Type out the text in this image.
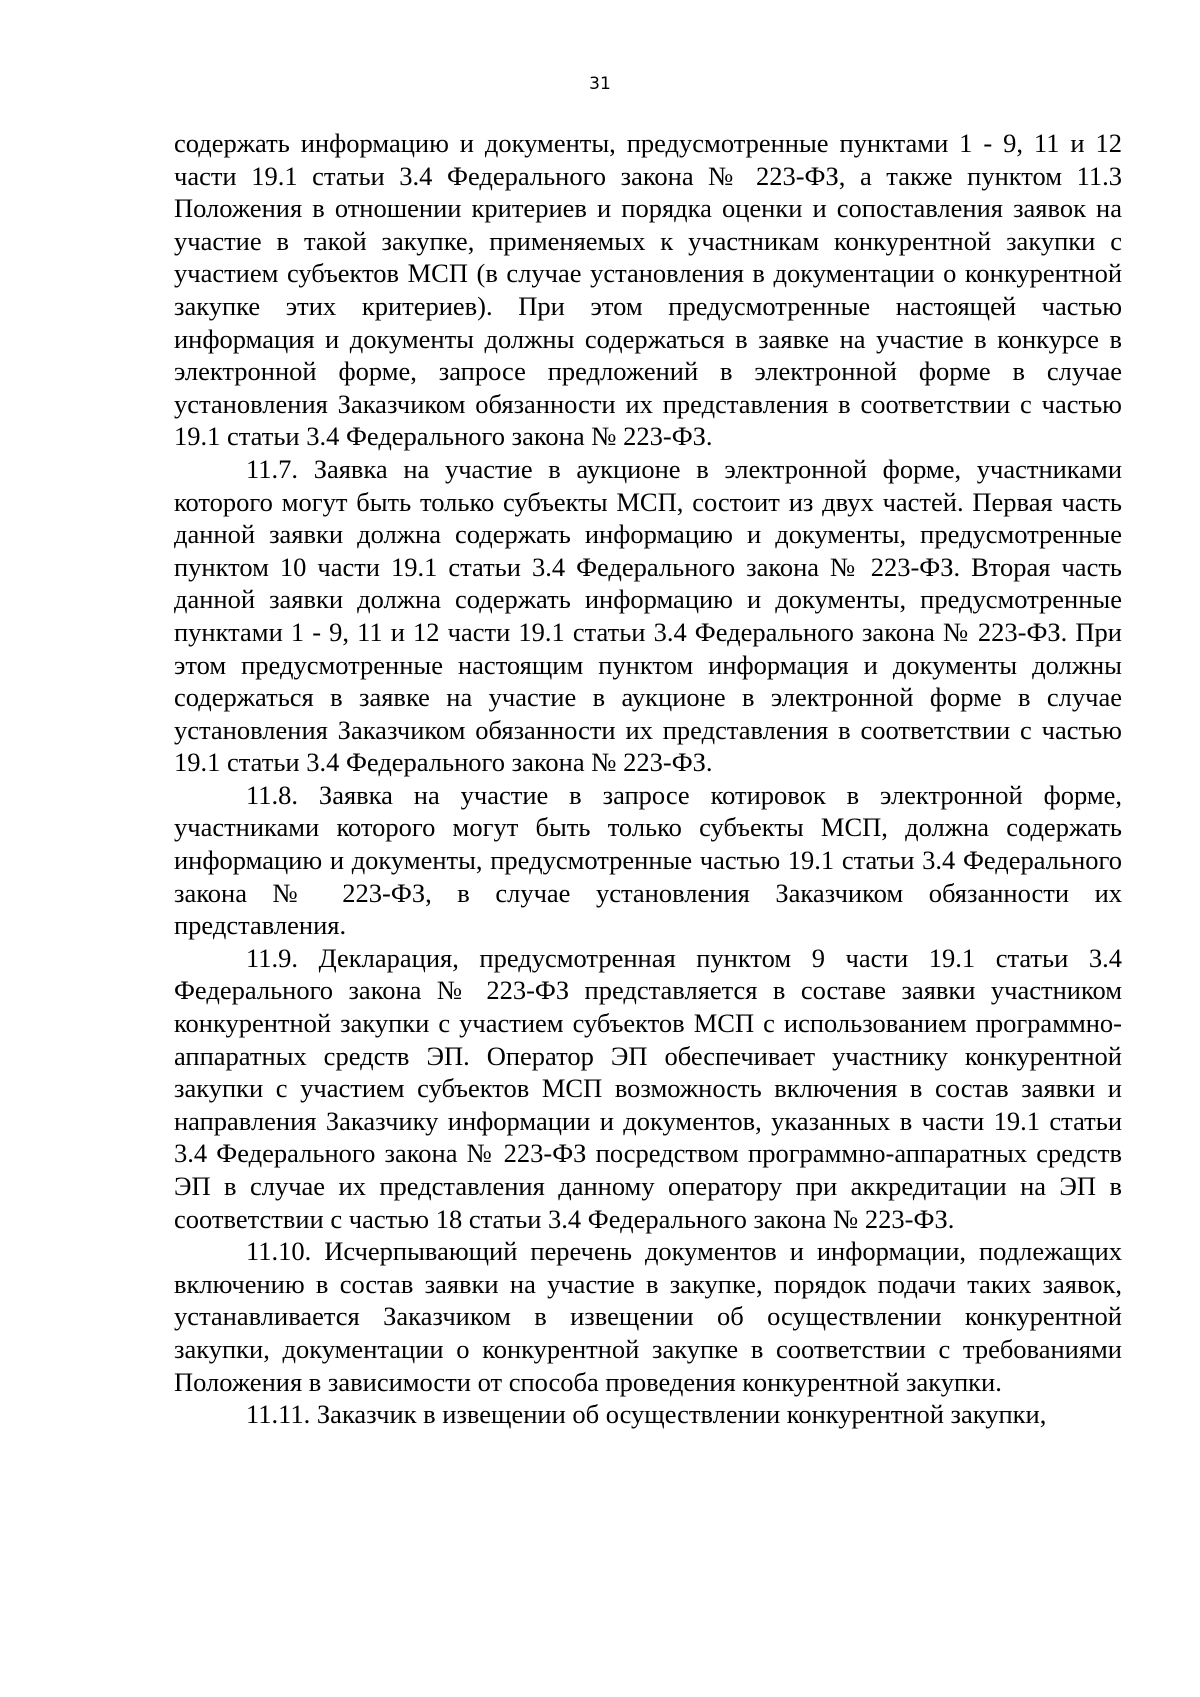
31

содержать информацию и документы, предусмотренные пунктами 1 - 9, 11 и 12 части 19.1 статьи 3.4 Федерального закона № 223-ФЗ, а также пунктом 11.3 Положения в отношении критериев и порядка оценки и сопоставления заявок на участие в такой закупке, применяемых к участникам конкурентной закупки с участием субъектов МСП (в случае установления в документации о конкурентной закупке этих критериев). При этом предусмотренные настоящей частью информация и документы должны содержаться в заявке на участие в конкурсе в электронной форме, запросе предложений в электронной форме в случае установления Заказчиком обязанности их представления в соответствии с частью 19.1 статьи 3.4 Федерального закона № 223-ФЗ.

11.7. Заявка на участие в аукционе в электронной форме, участниками которого могут быть только субъекты МСП, состоит из двух частей. Первая часть данной заявки должна содержать информацию и документы, предусмотренные пунктом 10 части 19.1 статьи 3.4 Федерального закона № 223-ФЗ. Вторая часть данной заявки должна содержать информацию и документы, предусмотренные пунктами 1 - 9, 11 и 12 части 19.1 статьи 3.4 Федерального закона № 223-ФЗ. При этом предусмотренные настоящим пунктом информация и документы должны содержаться в заявке на участие в аукционе в электронной форме в случае установления Заказчиком обязанности их представления в соответствии с частью 19.1 статьи 3.4 Федерального закона № 223-ФЗ.

11.8. Заявка на участие в запросе котировок в электронной форме, участниками которого могут быть только субъекты МСП, должна содержать информацию и документы, предусмотренные частью 19.1 статьи 3.4 Федерального закона № 223-ФЗ, в случае установления Заказчиком обязанности их представления.

11.9. Декларация, предусмотренная пунктом 9 части 19.1 статьи 3.4 Федерального закона № 223-ФЗ представляется в составе заявки участником конкурентной закупки с участием субъектов МСП с использованием программно-аппаратных средств ЭП. Оператор ЭП обеспечивает участнику конкурентной закупки с участием субъектов МСП возможность включения в состав заявки и направления Заказчику информации и документов, указанных в части 19.1 статьи 3.4 Федерального закона № 223-ФЗ посредством программно-аппаратных средств ЭП в случае их представления данному оператору при аккредитации на ЭП в соответствии с частью 18 статьи 3.4 Федерального закона № 223-ФЗ.

11.10. Исчерпывающий перечень документов и информации, подлежащих включению в состав заявки на участие в закупке, порядок подачи таких заявок, устанавливается Заказчиком в извещении об осуществлении конкурентной закупки, документации о конкурентной закупке в соответствии с требованиями Положения в зависимости от способа проведения конкурентной закупки.

11.11. Заказчик в извещении об осуществлении конкурентной закупки,
